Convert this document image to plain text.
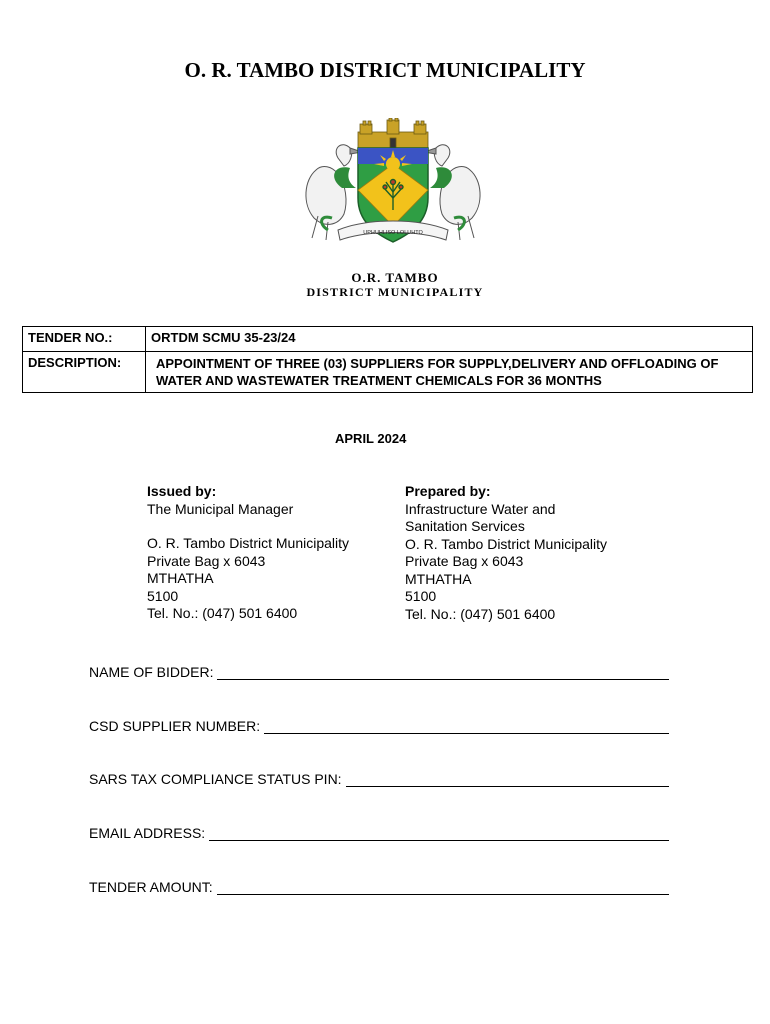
O. R. TAMBO DISTRICT MUNICIPALITY
UPHUHLISO LOLUHTO
O.R. TAMBO
DISTRICT MUNICIPALITY
TENDER NO.:	ORTDM SCMU 35-23/24
DESCRIPTION:	APPOINTMENT OF THREE (03) SUPPLIERS FOR SUPPLY,DELIVERY AND OFFLOADING OF WATER AND WASTEWATER TREATMENT CHEMICALS FOR 36 MONTHS
APRIL 2024
Issued by:
The Municipal Manager
O. R. Tambo District Municipality
Private Bag x 6043
MTHATHA
5100
Tel. No.: (047) 501 6400
Prepared by:
Infrastructure Water and
Sanitation Services
O. R. Tambo District Municipality
Private Bag x 6043
MTHATHA
5100
Tel. No.: (047) 501 6400
NAME OF BIDDER:
CSD SUPPLIER NUMBER:
SARS TAX COMPLIANCE STATUS PIN:
EMAIL ADDRESS:
TENDER AMOUNT:
